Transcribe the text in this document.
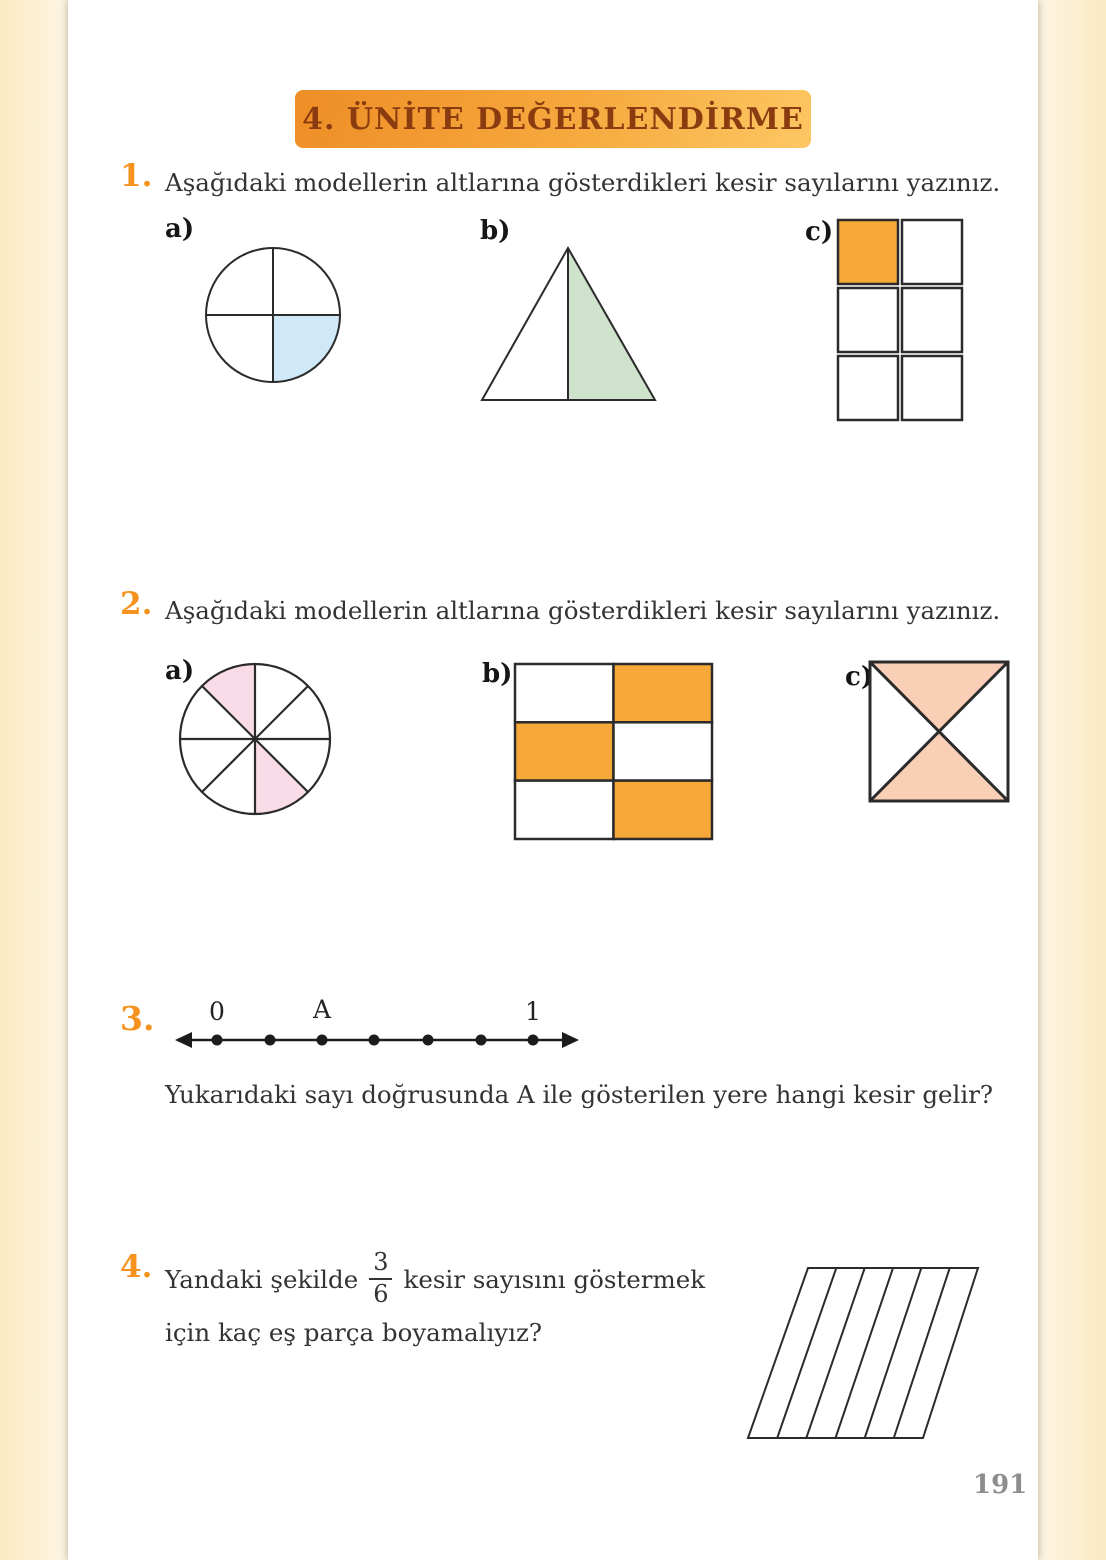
4. ÜNİTE DEĞERLENDİRME
1. Aşağıdaki modellerin altlarına gösterdikleri kesir sayılarını yazınız.
a)	b)	c)
2. Aşağıdaki modellerin altlarına gösterdikleri kesir sayılarını yazınız.
a)	b)	c)
3. 0	A	1
Yukarıdaki sayı doğrusunda A ile gösterilen yere hangi kesir gelir?
4. Yandaki şekilde $\frac{3}{6}$ kesir sayısını göstermek
için kaç eş parça boyamalıyız?
191
